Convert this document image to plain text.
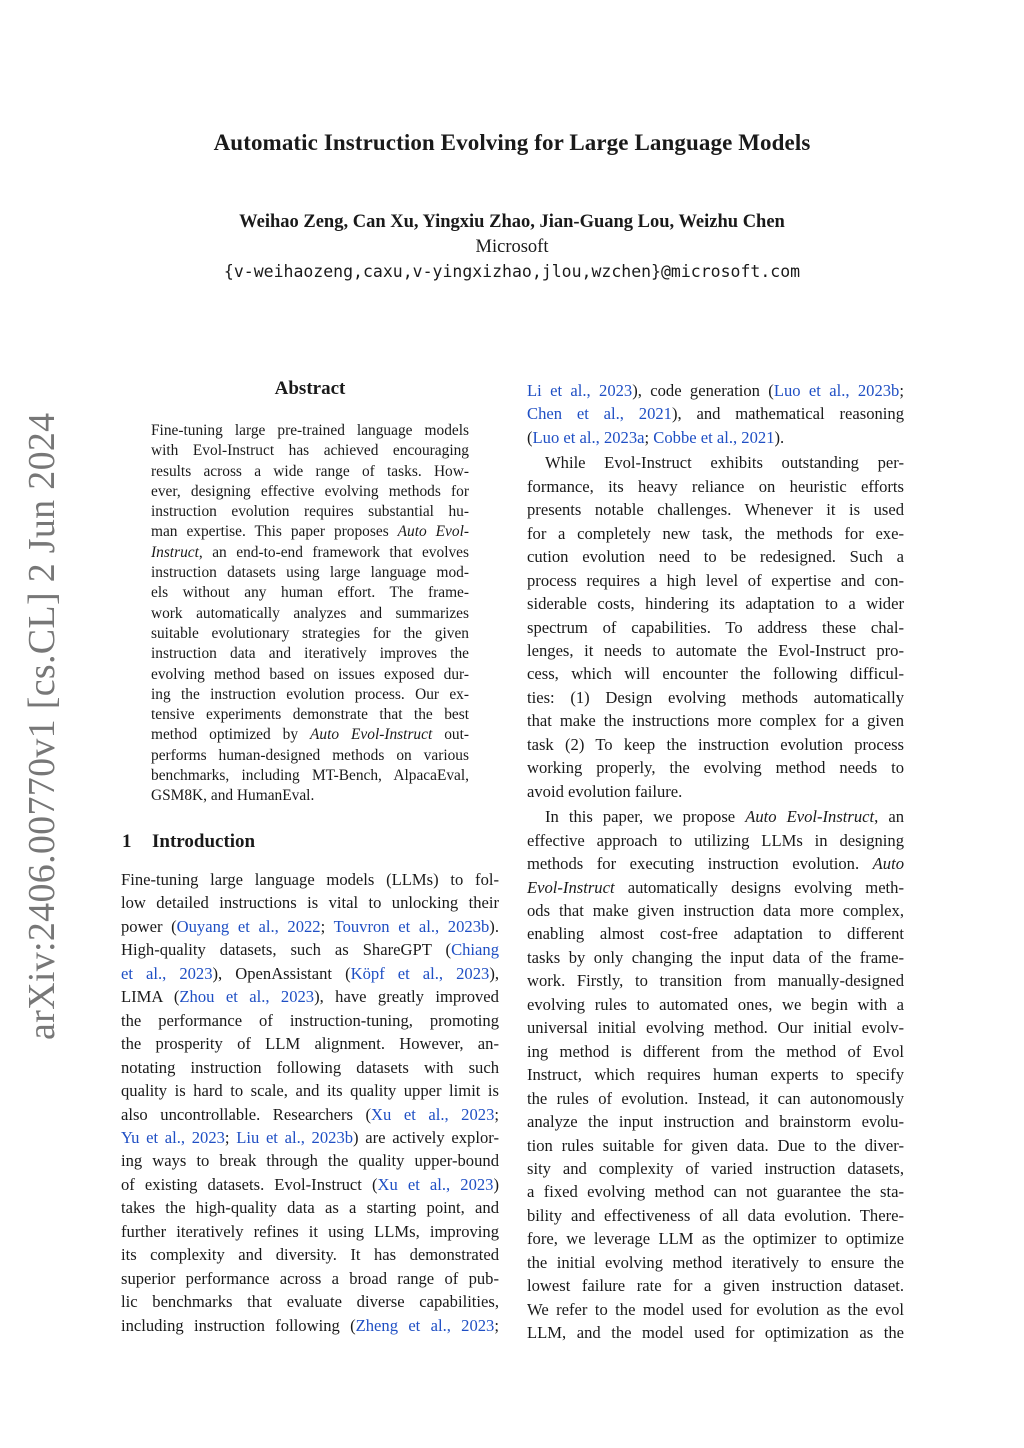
Automatic Instruction Evolving for Large Language Models
Weihao Zeng, Can Xu, Yingxiu Zhao, Jian-Guang Lou, Weizhu Chen
Microsoft
{v-weihaozeng,caxu,v-yingxizhao,jlou,wzchen}@microsoft.com
arXiv:2406.00770v1 [cs.CL] 2 Jun 2024
Abstract
Fine-tuning large pre-trained language models
with Evol-Instruct has achieved encouraging
results across a wide range of tasks. How-
ever, designing effective evolving methods for
instruction evolution requires substantial hu-
man expertise. This paper proposes Auto Evol-
Instruct, an end-to-end framework that evolves
instruction datasets using large language mod-
els without any human effort. The frame-
work automatically analyzes and summarizes
suitable evolutionary strategies for the given
instruction data and iteratively improves the
evolving method based on issues exposed dur-
ing the instruction evolution process. Our ex-
tensive experiments demonstrate that the best
method optimized by Auto Evol-Instruct out-
performs human-designed methods on various
benchmarks, including MT-Bench, AlpacaEval,
GSM8K, and HumanEval.
1 Introduction
Fine-tuning large language models (LLMs) to fol-
low detailed instructions is vital to unlocking their
power (Ouyang et al., 2022; Touvron et al., 2023b).
High-quality datasets, such as ShareGPT (Chiang
et al., 2023), OpenAssistant (Köpf et al., 2023),
LIMA (Zhou et al., 2023), have greatly improved
the performance of instruction-tuning, promoting
the prosperity of LLM alignment. However, an-
notating instruction following datasets with such
quality is hard to scale, and its quality upper limit is
also uncontrollable. Researchers (Xu et al., 2023;
Yu et al., 2023; Liu et al., 2023b) are actively explor-
ing ways to break through the quality upper-bound
of existing datasets. Evol-Instruct (Xu et al., 2023)
takes the high-quality data as a starting point, and
further iteratively refines it using LLMs, improving
its complexity and diversity. It has demonstrated
superior performance across a broad range of pub-
lic benchmarks that evaluate diverse capabilities,
including instruction following (Zheng et al., 2023;
Li et al., 2023), code generation (Luo et al., 2023b;
Chen et al., 2021), and mathematical reasoning
(Luo et al., 2023a; Cobbe et al., 2021).
While Evol-Instruct exhibits outstanding per-
formance, its heavy reliance on heuristic efforts
presents notable challenges. Whenever it is used
for a completely new task, the methods for exe-
cution evolution need to be redesigned. Such a
process requires a high level of expertise and con-
siderable costs, hindering its adaptation to a wider
spectrum of capabilities. To address these chal-
lenges, it needs to automate the Evol-Instruct pro-
cess, which will encounter the following difficul-
ties: (1) Design evolving methods automatically
that make the instructions more complex for a given
task (2) To keep the instruction evolution process
working properly, the evolving method needs to
avoid evolution failure.
In this paper, we propose Auto Evol-Instruct, an
effective approach to utilizing LLMs in designing
methods for executing instruction evolution. Auto
Evol-Instruct automatically designs evolving meth-
ods that make given instruction data more complex,
enabling almost cost-free adaptation to different
tasks by only changing the input data of the frame-
work. Firstly, to transition from manually-designed
evolving rules to automated ones, we begin with a
universal initial evolving method. Our initial evolv-
ing method is different from the method of Evol
Instruct, which requires human experts to specify
the rules of evolution. Instead, it can autonomously
analyze the input instruction and brainstorm evolu-
tion rules suitable for given data. Due to the diver-
sity and complexity of varied instruction datasets,
a fixed evolving method can not guarantee the sta-
bility and effectiveness of all data evolution. There-
fore, we leverage LLM as the optimizer to optimize
the initial evolving method iteratively to ensure the
lowest failure rate for a given instruction dataset.
We refer to the model used for evolution as the evol
LLM, and the model used for optimization as the
